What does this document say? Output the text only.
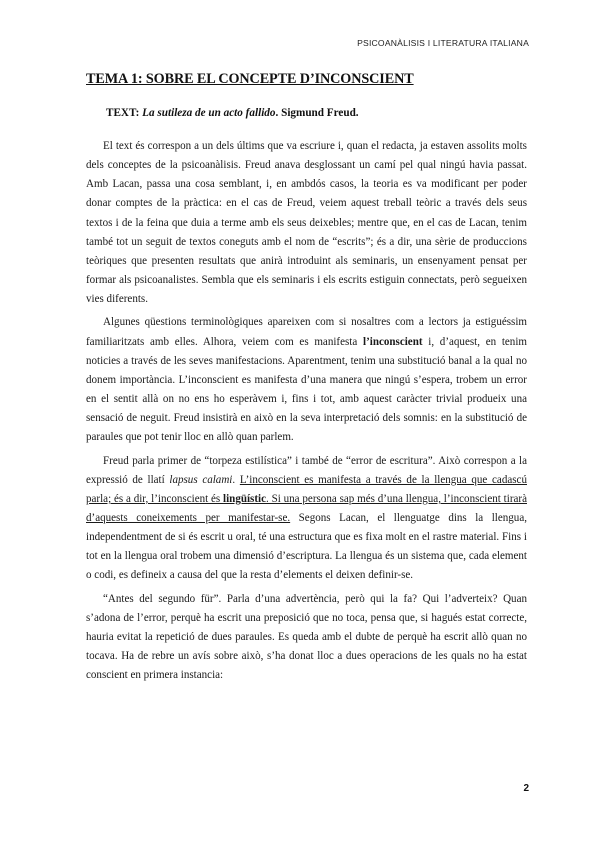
PSICOANÀLISIS I LITERATURA ITALIANA
TEMA 1: SOBRE EL CONCEPTE D’INCONSCIENT
TEXT: La sutileza de un acto fallido. Sigmund Freud.

El text és correspon a un dels últims que va escriure i, quan el redacta, ja estaven assolits molts dels conceptes de la psicoanàlisis. Freud anava desglossant un camí pel qual ningú havia passat. Amb Lacan, passa una cosa semblant, i, en ambdós casos, la teoria es va modificant per poder donar comptes de la pràctica: en el cas de Freud, veiem aquest treball teòric a través dels seus textos i de la feina que duia a terme amb els seus deixebles; mentre que, en el cas de Lacan, tenim també tot un seguit de textos coneguts amb el nom de “escrits”; és a dir, una sèrie de produccions teòriques que presenten resultats que anirà introduint als seminaris, un ensenyament pensat per formar als psicoanalistes. Sembla que els seminaris i els escrits estiguin connectats, però segueixen vies diferents.

Algunes qüestions terminològiques apareixen com si nosaltres com a lectors ja estiguéssim familiaritzats amb elles. Alhora, veiem com es manifesta l’inconscient i, d’aquest, en tenim noticies a través de les seves manifestacions. Aparentment, tenim una substitució banal a la qual no donem importància. L’inconscient es manifesta d’una manera que ningú s’espera, trobem un error en el sentit allà on no ens ho esperàvem i, fins i tot, amb aquest caràcter trivial produeix una sensació de neguit. Freud insistirà en això en la seva interpretació dels somnis: en la substitució de paraules que pot tenir lloc en allò quan parlem.

Freud parla primer de “torpeza estilística” i també de “error de escritura”. Això correspon a la expressió de llatí lapsus calami. L’inconscient es manifesta a través de la llengua que cadascú parla; és a dir, l’inconscient és lingüístic. Si una persona sap més d’una llengua, l’inconscient tirarà d’aquests coneixements per manifestar-se. Segons Lacan, el llenguatge dins la llengua, independentment de si és escrit u oral, té una estructura que es fixa molt en el rastre material. Fins i tot en la llengua oral trobem una dimensió d’escriptura. La llengua és un sistema que, cada element o codi, es defineix a causa del que la resta d’elements el deixen definir-se.

“Antes del segundo für”. Parla d’una advertència, però qui la fa? Qui l’adverteix? Quan s’adona de l’error, perquè ha escrit una preposició que no toca, pensa que, si hagués estat correcte, hauria evitat la repetició de dues paraules. Es queda amb el dubte de perquè ha escrit allò quan no tocava. Ha de rebre un avís sobre això, s’ha donat lloc a dues operacions de les quals no ha estat conscient en primera instancia:

2
